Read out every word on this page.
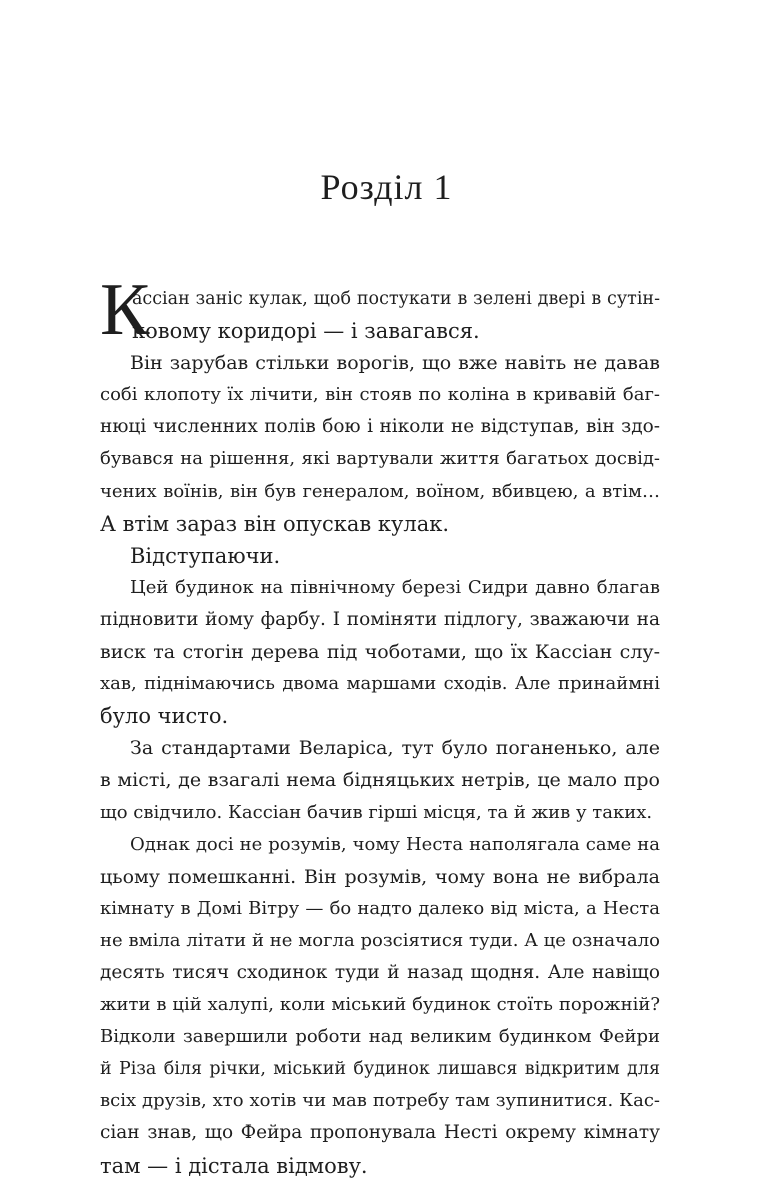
Розділ 1
К
ассіан заніс кулак, щоб постукати в зелені двері в сутін-
ковому коридорі — і завагався.
Він зарубав стільки ворогів, що вже навіть не давав
собі клопоту їх лічити, він стояв по коліна в кривавій баг-
нюці численних полів бою і ніколи не відступав, він здо-
бувався на рішення, які вартували життя багатьох досвід-
чених воїнів, він був генералом, воїном, вбивцею, а втім…
А втім зараз він опускав кулак.
Відступаючи.
Цей будинок на північному березі Сидри давно благав
підновити йому фарбу. І поміняти підлогу, зважаючи на
виск та стогін дерева під чоботами, що їх Кассіан слу-
хав, піднімаючись двома маршами сходів. Але принаймні
було чисто.
За стандартами Веларіса, тут було поганенько, але
в місті, де взагалі нема бідняцьких нетрів, це мало про
що свідчило. Кассіан бачив гірші місця, та й жив у таких.
Однак досі не розумів, чому Неста наполягала саме на
цьому помешканні. Він розумів, чому вона не вибрала
кімнату в Домі Вітру — бо надто далеко від міста, а Неста
не вміла літати й не могла розсіятися туди. А це означало
десять тисяч сходинок туди й назад щодня. Але навіщо
жити в цій халупі, коли міський будинок стоїть порожній?
Відколи завершили роботи над великим будинком Фейри
й Різа біля річки, міський будинок лишався відкритим для
всіх друзів, хто хотів чи мав потребу там зупинитися. Кас-
сіан знав, що Фейра пропонувала Несті окрему кімнату
там — і дістала відмову.
